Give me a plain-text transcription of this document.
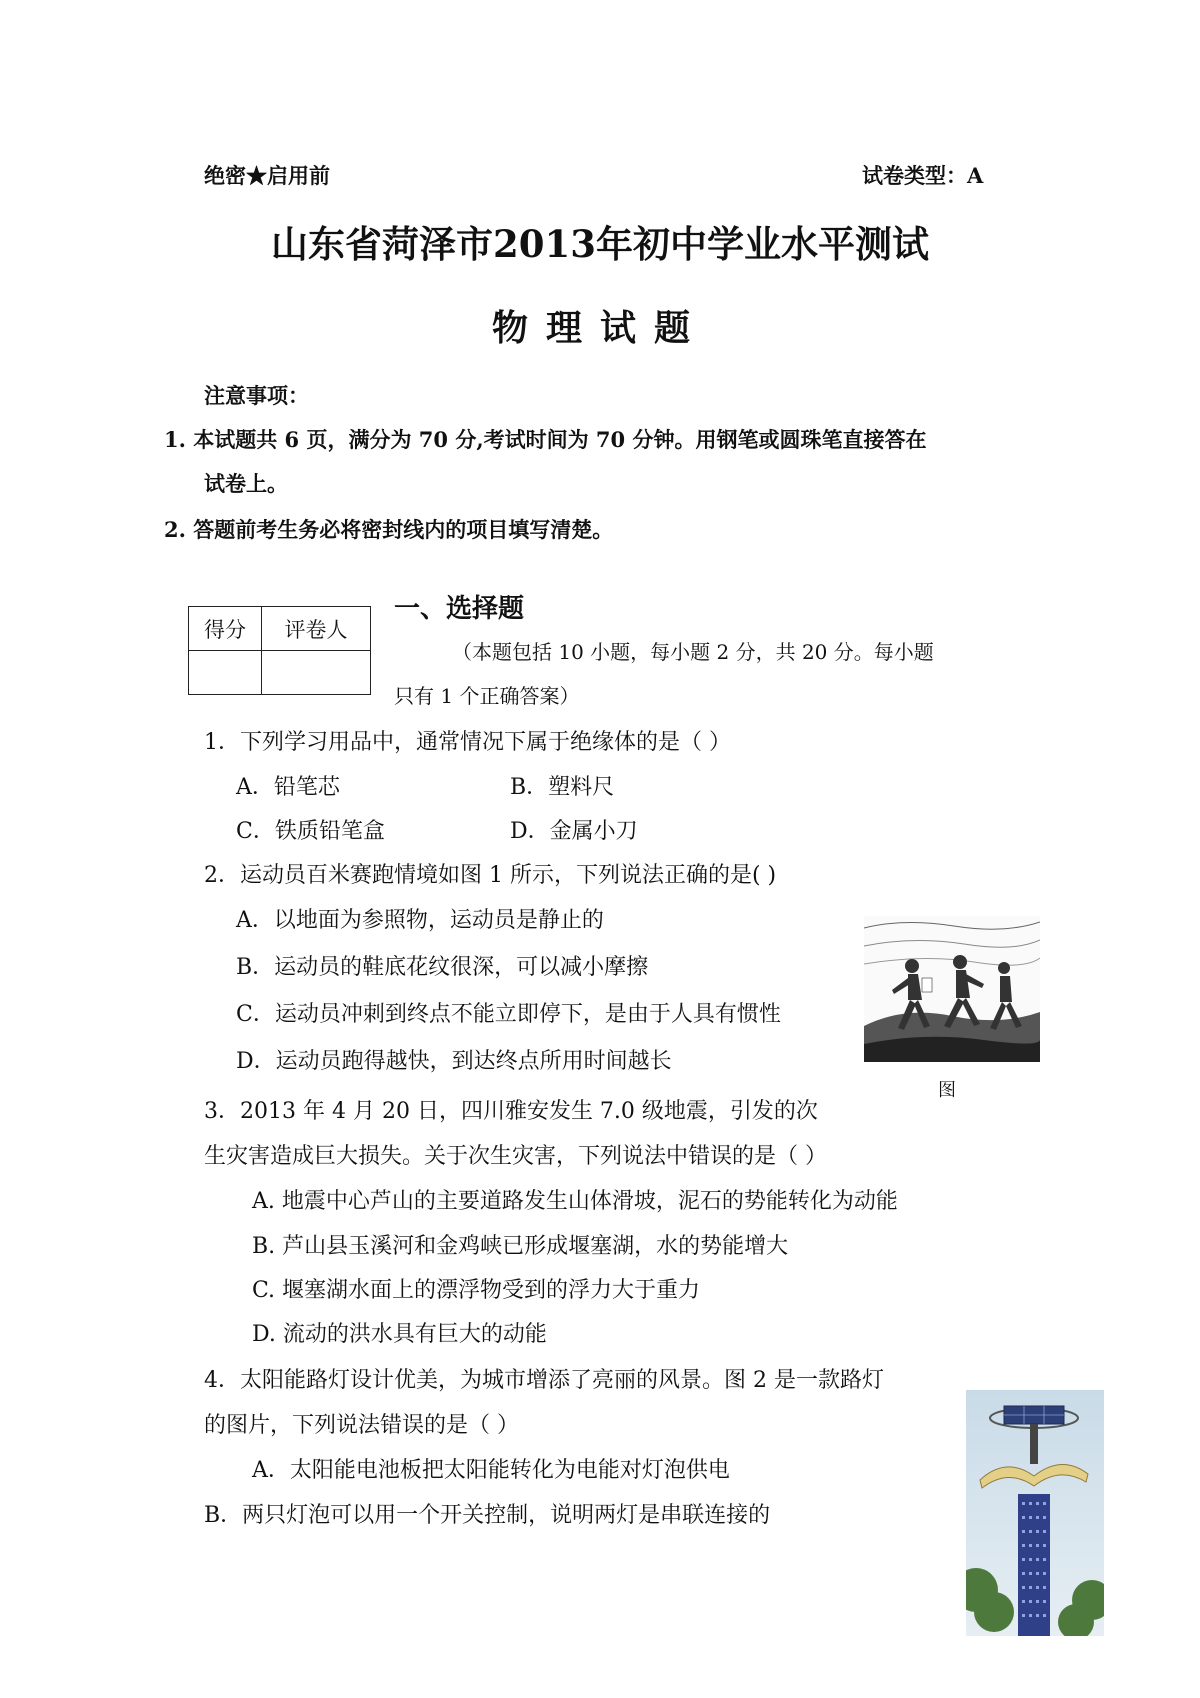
绝密★启用前	试卷类型：A
山东省菏泽市2013年初中学业水平测试
物理试题
注意事项：
1. 本试题共 6 页，满分为 70 分,考试时间为 70 分钟。用钢笔或圆珠笔直接答在
试卷上。
2. 答题前考生务必将密封线内的项目填写清楚。
得分	评卷人

一、选择题
（本题包括 10 小题，每小题 2 分，共 20 分。每小题
只有 1 个正确答案）
1．下列学习用品中，通常情况下属于绝缘体的是（ ）
A．铅笔芯	B．塑料尺
C．铁质铅笔盒	D．金属小刀
2．运动员百米赛跑情境如图 1 所示，下列说法正确的是( )
A．以地面为参照物，运动员是静止的
B．运动员的鞋底花纹很深，可以减小摩擦
C．运动员冲刺到终点不能立即停下，是由于人具有惯性
D．运动员跑得越快，到达终点所用时间越长
图
3．2013 年 4 月 20 日，四川雅安发生 7.0 级地震，引发的次
生灾害造成巨大损失。关于次生灾害，下列说法中错误的是（ ）
A. 地震中心芦山的主要道路发生山体滑坡，泥石的势能转化为动能
B. 芦山县玉溪河和金鸡峡已形成堰塞湖，水的势能增大
C. 堰塞湖水面上的漂浮物受到的浮力大于重力
D. 流动的洪水具有巨大的动能
4．太阳能路灯设计优美，为城市增添了亮丽的风景。图 2 是一款路灯
的图片，下列说法错误的是（ ）
A．太阳能电池板把太阳能转化为电能对灯泡供电
B．两只灯泡可以用一个开关控制，说明两灯是串联连接的
